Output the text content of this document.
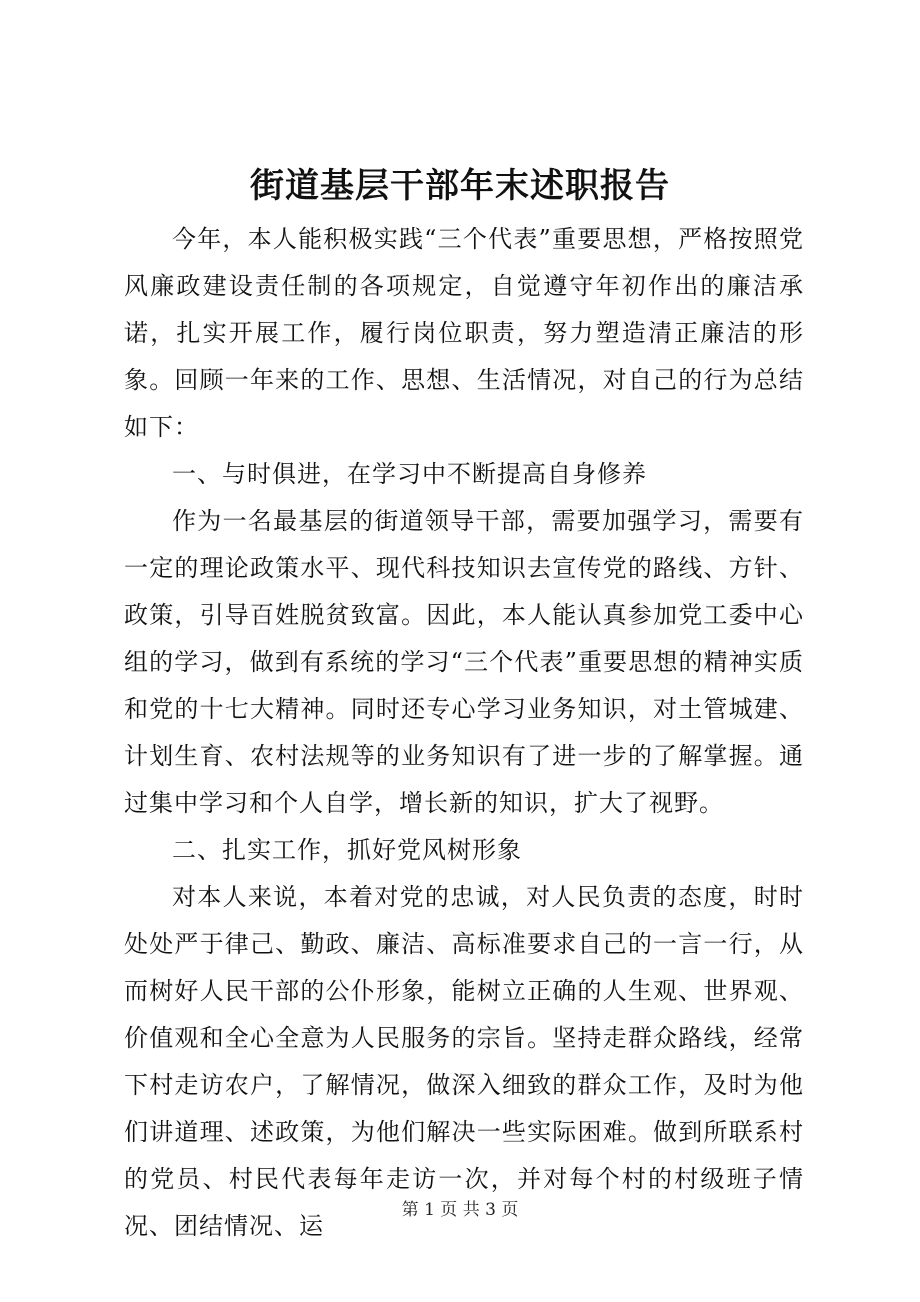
街道基层干部年末述职报告

今年，本人能积极实践“三个代表”重要思想，严格按照党风廉政建设责任制的各项规定，自觉遵守年初作出的廉洁承诺，扎实开展工作，履行岗位职责，努力塑造清正廉洁的形象。回顾一年来的工作、思想、生活情况，对自己的行为总结如下：

一、与时俱进，在学习中不断提高自身修养

作为一名最基层的街道领导干部，需要加强学习，需要有一定的理论政策水平、现代科技知识去宣传党的路线、方针、政策，引导百姓脱贫致富。因此，本人能认真参加党工委中心组的学习，做到有系统的学习“三个代表”重要思想的精神实质和党的十七大精神。同时还专心学习业务知识，对土管城建、计划生育、农村法规等的业务知识有了进一步的了解掌握。通过集中学习和个人自学，增长新的知识，扩大了视野。

二、扎实工作，抓好党风树形象

对本人来说，本着对党的忠诚，对人民负责的态度，时时处处严于律己、勤政、廉洁、高标准要求自己的一言一行，从而树好人民干部的公仆形象，能树立正确的人生观、世界观、价值观和全心全意为人民服务的宗旨。坚持走群众路线，经常下村走访农户，了解情况，做深入细致的群众工作，及时为他们讲道理、述政策，为他们解决一些实际困难。做到所联系村的党员、村民代表每年走访一次，并对每个村的村级班子情况、团结情况、运

第 1 页 共 3 页
